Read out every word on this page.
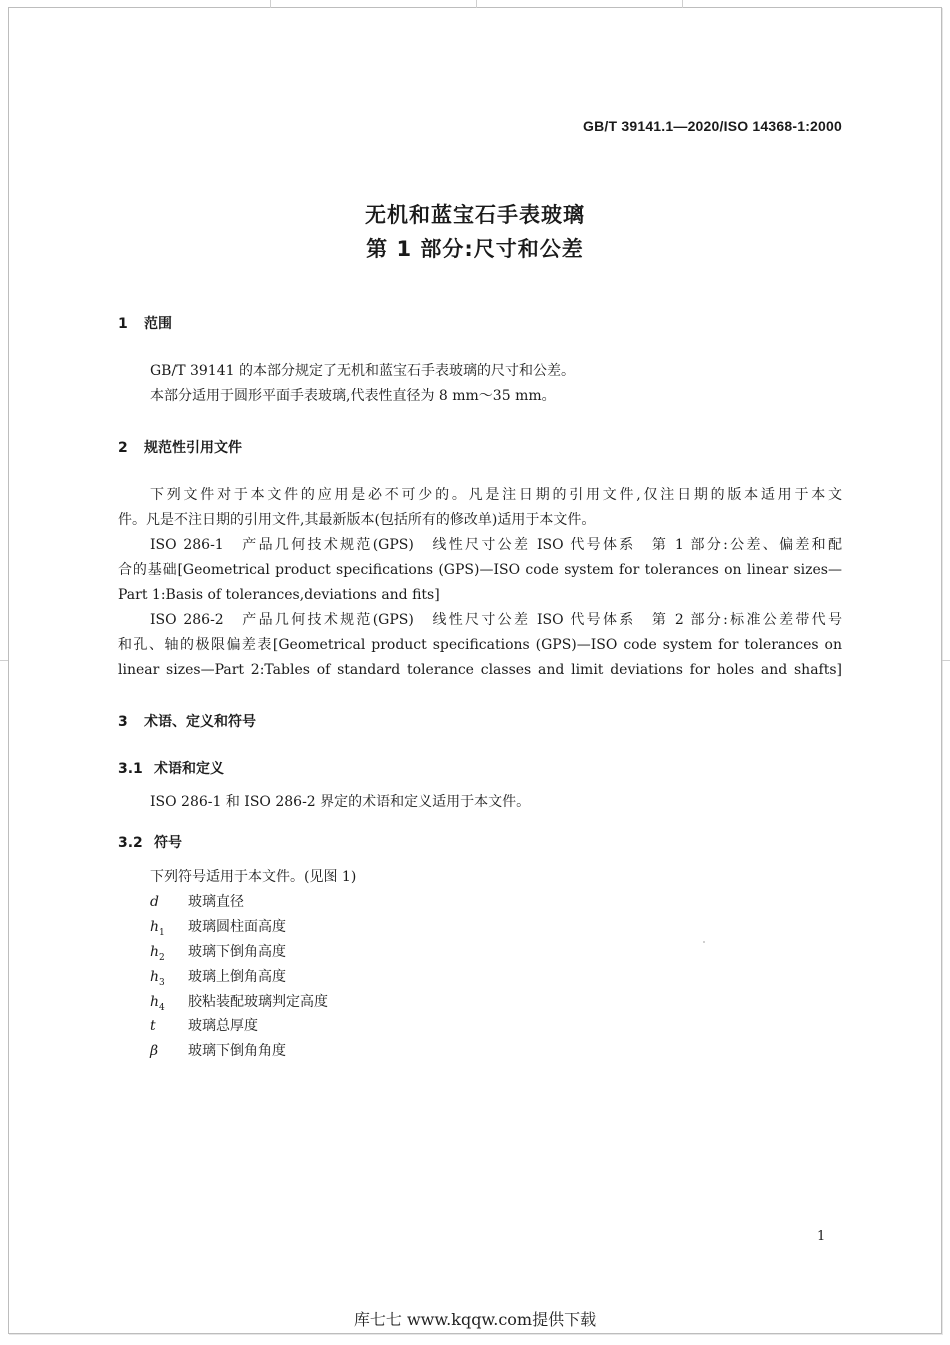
GB/T 39141.1—2020/ISO 14368-1:2000
无机和蓝宝石手表玻璃
第 1 部分:尺寸和公差
1 范围
GB/T 39141 的本部分规定了无机和蓝宝石手表玻璃的尺寸和公差。
本部分适用于圆形平面手表玻璃,代表性直径为 8 mm～35 mm。
2 规范性引用文件
下列文件对于本文件的应用是必不可少的。凡是注日期的引用文件,仅注日期的版本适用于本文
件。凡是不注日期的引用文件,其最新版本(包括所有的修改单)适用于本文件。
ISO 286-1　产品几何技术规范(GPS)　线性尺寸公差 ISO 代号体系　第 1 部分:公差、偏差和配
合的基础[Geometrical product specifications (GPS)—ISO code system for tolerances on linear sizes—
Part 1:Basis of tolerances,deviations and fits]
ISO 286-2　产品几何技术规范(GPS)　线性尺寸公差 ISO 代号体系　第 2 部分:标准公差带代号
和孔、轴的极限偏差表[Geometrical product specifications (GPS)—ISO code system for tolerances on
linear sizes—Part 2:Tables of standard tolerance classes and limit deviations for holes and shafts]
3 术语、定义和符号
3.1 术语和定义
ISO 286-1 和 ISO 286-2 界定的术语和定义适用于本文件。
3.2 符号
下列符号适用于本文件。(见图 1)
d 玻璃直径
$h_1$ 玻璃圆柱面高度
$h_2$ 玻璃下倒角高度
$h_3$ 玻璃上倒角高度
$h_4$ 胶粘装配玻璃判定高度
t 玻璃总厚度
β 玻璃下倒角角度
1
库七七 www.kqqw.com提供下载
